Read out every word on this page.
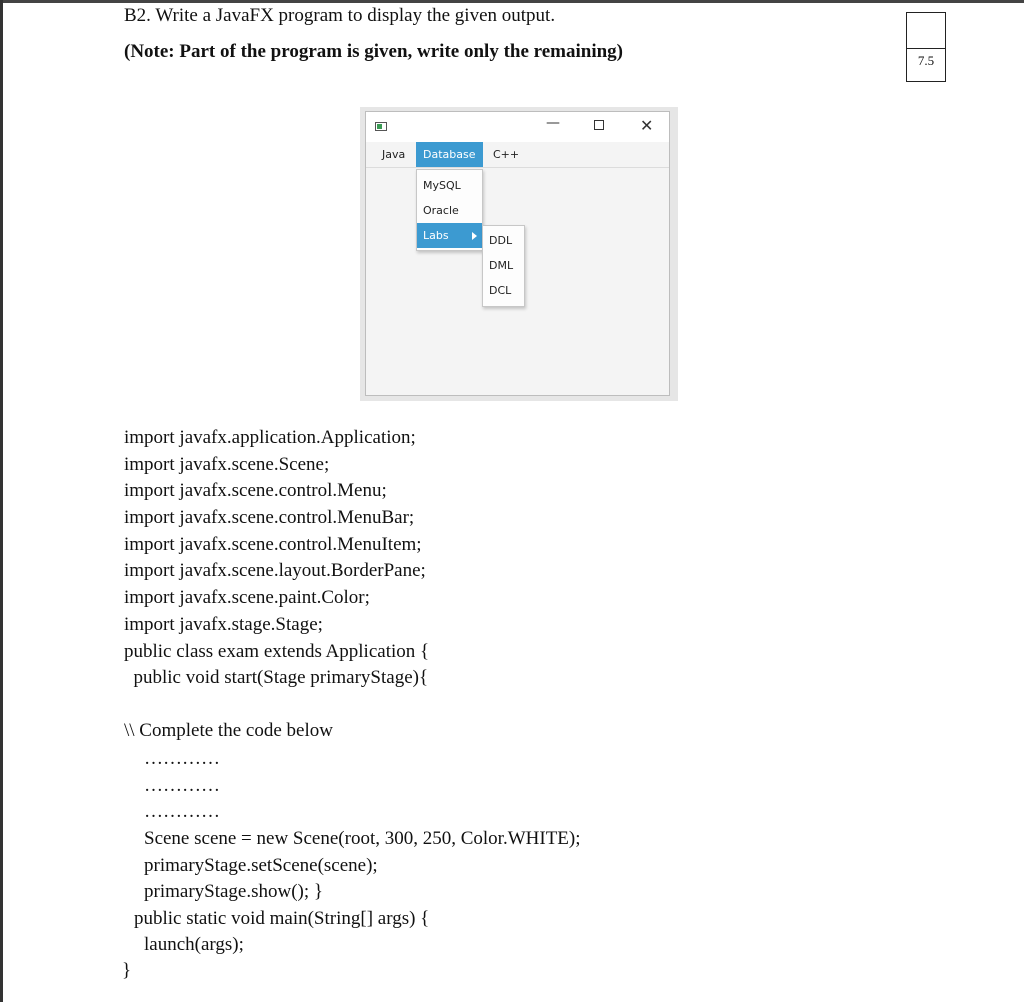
B2. Write a JavaFX program to display the given output.
(Note: Part of the program is given, write only the remaining)	7.5
—	✕
Java	Database	C++
MySQL
Oracle
Labs	DDL
DML
DCL
import javafx.application.Application;
import javafx.scene.Scene;
import javafx.scene.control.Menu;
import javafx.scene.control.MenuBar;
import javafx.scene.control.MenuItem;
import javafx.scene.layout.BorderPane;
import javafx.scene.paint.Color;
import javafx.stage.Stage;
public class exam extends Application {
public void start(Stage primaryStage){
\\ Complete the code below
…………
…………
…………
Scene scene = new Scene(root, 300, 250, Color.WHITE);
primaryStage.setScene(scene);
primaryStage.show(); }
public static void main(String[] args) {
launch(args);
}
